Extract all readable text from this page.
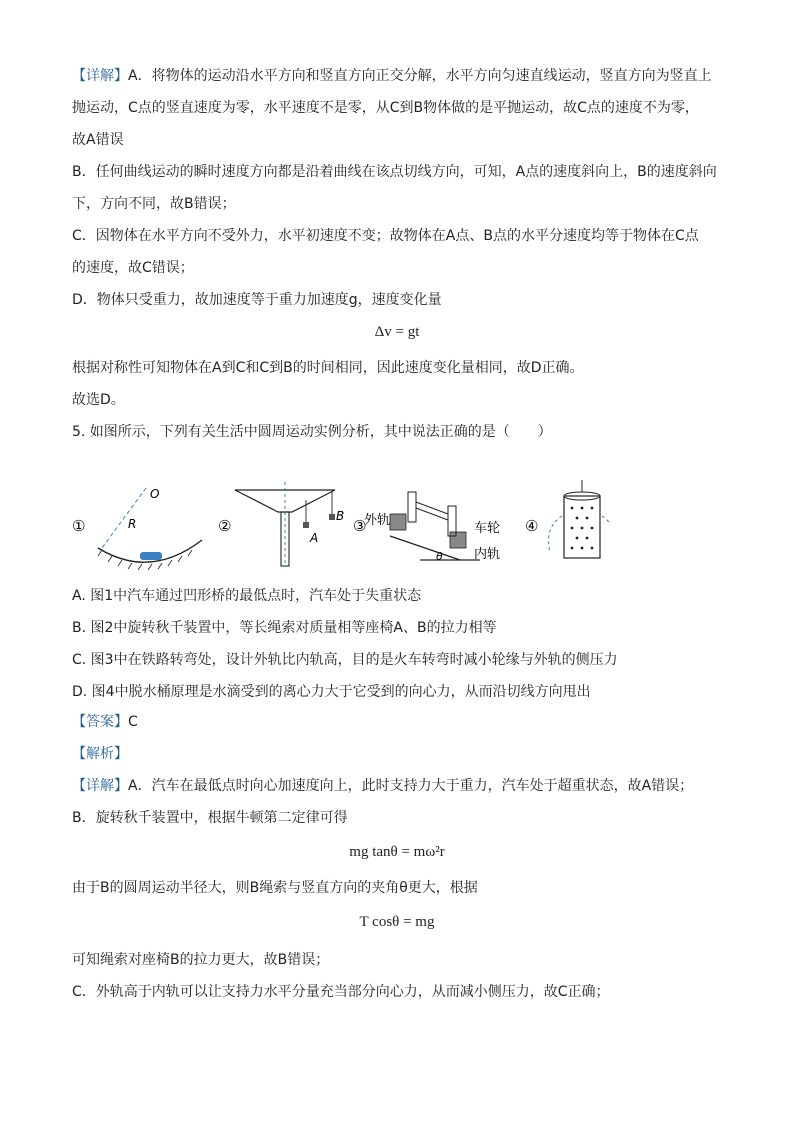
【详解】A．将物体的运动沿水平方向和竖直方向正交分解，水平方向匀速直线运动，竖直方向为竖直上
抛运动，C点的竖直速度为零，水平速度不是零，从C到B物体做的是平抛运动，故C点的速度不为零，
故A错误
B．任何曲线运动的瞬时速度方向都是沿着曲线在该点切线方向，可知，A点的速度斜向上，B的速度斜向
下，方向不同，故B错误；
C．因物体在水平方向不受外力，水平初速度不变；故物体在A点、B点的水平分速度均等于物体在C点
的速度，故C错误；
D．物体只受重力，故加速度等于重力加速度g，速度变化量
Δv = gt
根据对称性可知物体在A到C和C到B的时间相同，因此速度变化量相同，故D正确。
故选D。
5. 如图所示，下列有关生活中圆周运动实例分析，其中说法正确的是（　　）
①
O
R	②
A
B
③
外轨
车轮
内轨
θ
④
A. 图1中汽车通过凹形桥的最低点时，汽车处于失重状态
B. 图2中旋转秋千装置中，等长绳索对质量相等座椅A、B的拉力相等
C. 图3中在铁路转弯处，设计外轨比内轨高，目的是火车转弯时减小轮缘与外轨的侧压力
D. 图4中脱水桶原理是水滴受到的离心力大于它受到的向心力，从而沿切线方向甩出
【答案】C
【解析】
【详解】A．汽车在最低点时向心加速度向上，此时支持力大于重力，汽车处于超重状态，故A错误；
B．旋转秋千装置中，根据牛顿第二定律可得
mg tanθ = mω²r
由于B的圆周运动半径大，则B绳索与竖直方向的夹角θ更大，根据
T cosθ = mg
可知绳索对座椅B的拉力更大，故B错误；
C．外轨高于内轨可以让支持力水平分量充当部分向心力，从而减小侧压力，故C正确；
